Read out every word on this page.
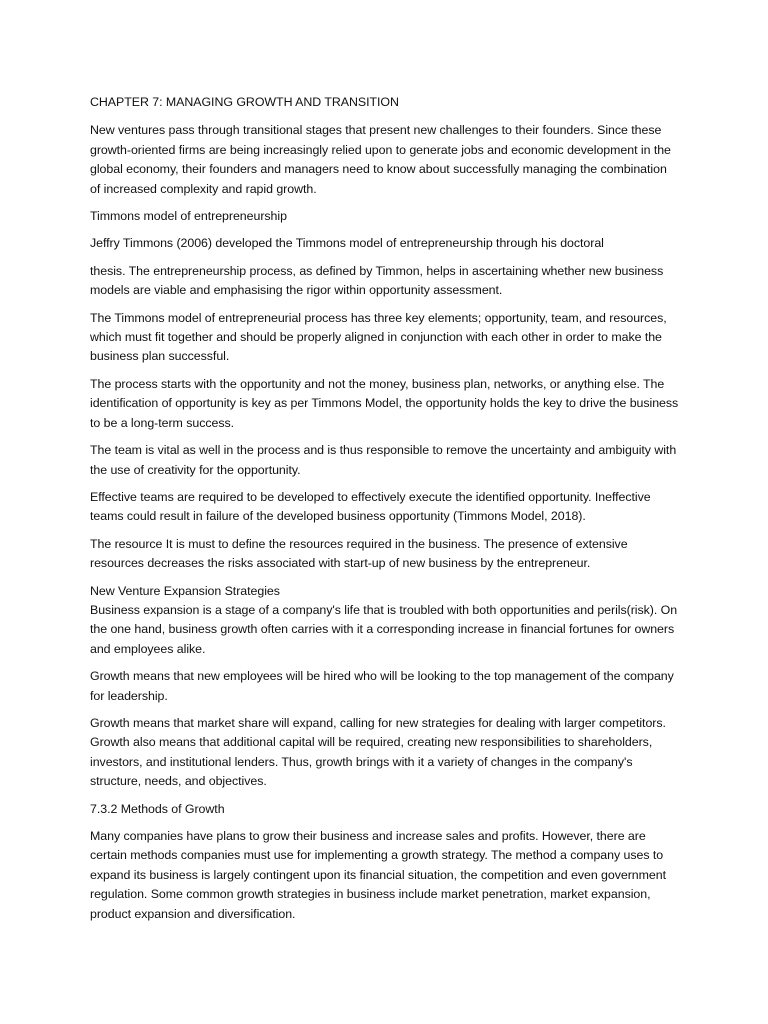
CHAPTER 7: MANAGING GROWTH AND TRANSITION

New ventures pass through transitional stages that present new challenges to their founders. Since these growth-oriented firms are being increasingly relied upon to generate jobs and economic development in the global economy, their founders and managers need to know about successfully managing the combination of increased complexity and rapid growth.

Timmons model of entrepreneurship

Jeffry Timmons (2006) developed the Timmons model of entrepreneurship through his doctoral

thesis. The entrepreneurship process, as defined by Timmon, helps in ascertaining whether new business models are viable and emphasising the rigor within opportunity assessment.

The Timmons model of entrepreneurial process has three key elements; opportunity, team, and resources, which must fit together and should be properly aligned in conjunction with each other in order to make the business plan successful.

The process starts with the opportunity and not the money, business plan, networks, or anything else. The identification of opportunity is key as per Timmons Model, the opportunity holds the key to drive the business to be a long-term success.

The team is vital as well in the process and is thus responsible to remove the uncertainty and ambiguity with the use of creativity for the opportunity.

Effective teams are required to be developed to effectively execute the identified opportunity. Ineffective teams could result in failure of the developed business opportunity (Timmons Model, 2018).

The resource It is must to define the resources required in the business. The presence of extensive resources decreases the risks associated with start-up of new business by the entrepreneur.

New Venture Expansion Strategies

Business expansion is a stage of a company's life that is troubled with both opportunities and perils(risk). On the one hand, business growth often carries with it a corresponding increase in financial fortunes for owners and employees alike.

Growth means that new employees will be hired who will be looking to the top management of the company for leadership.

Growth means that market share will expand, calling for new strategies for dealing with larger competitors. Growth also means that additional capital will be required, creating new responsibilities to shareholders, investors, and institutional lenders. Thus, growth brings with it a variety of changes in the company's structure, needs, and objectives.

7.3.2 Methods of Growth

Many companies have plans to grow their business and increase sales and profits. However, there are certain methods companies must use for implementing a growth strategy. The method a company uses to expand its business is largely contingent upon its financial situation, the competition and even government regulation. Some common growth strategies in business include market penetration, market expansion, product expansion and diversification.
